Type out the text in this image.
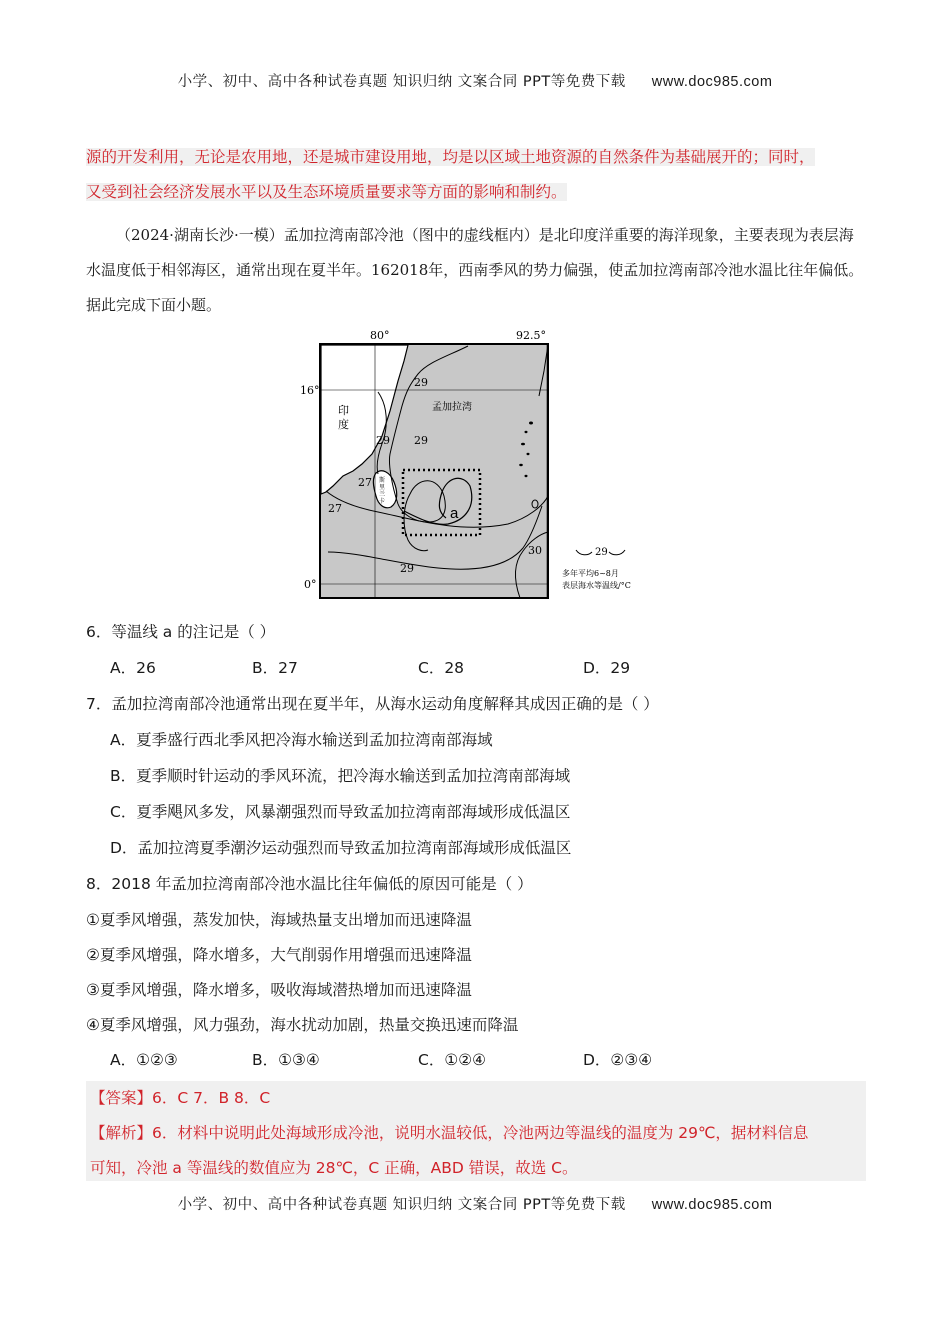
小学、初中、高中各种试卷真题 知识归纳 文案合同 PPT等免费下载 www.doc985.com
源的开发利用，无论是农用地，还是城市建设用地，均是以区域土地资源的自然条件为基础展开的；同时，
又受到社会经济发展水平以及生态环境质量要求等方面的影响和制约。
（2024·湖南长沙·一模）孟加拉湾南部冷池（图中的虚线框内）是北印度洋重要的海洋现象，主要表现为表层海水温度低于相邻海区，通常出现在夏半年。162018年，西南季风的势力偏强，使孟加拉湾南部冷池水温比往年偏低。据此完成下面小题。
80°	92.5°
16°
0°
印
度
孟加拉湾
斯
里
兰
卡
29
29
29
27
27
29
30
a
29
多年平均6~8月
表层海水等温线/°C
6．等温线 a 的注记是（ ）
A．26	B．27	C．28	D．29
7．孟加拉湾南部冷池通常出现在夏半年，从海水运动角度解释其成因正确的是（ ）
A．夏季盛行西北季风把冷海水输送到孟加拉湾南部海域
B．夏季顺时针运动的季风环流，把冷海水输送到孟加拉湾南部海域
C．夏季飓风多发，风暴潮强烈而导致孟加拉湾南部海域形成低温区
D．孟加拉湾夏季潮汐运动强烈而导致孟加拉湾南部海域形成低温区
8．2018 年孟加拉湾南部冷池水温比往年偏低的原因可能是（ ）
①夏季风增强，蒸发加快，海域热量支出增加而迅速降温
②夏季风增强，降水增多，大气削弱作用增强而迅速降温
③夏季风增强，降水增多，吸收海域潜热增加而迅速降温
④夏季风增强，风力强劲，海水扰动加剧，热量交换迅速而降温
A．①②③	B．①③④	C．①②④	D．②③④
【答案】6．C 7．B 8．C
【解析】6．材料中说明此处海域形成冷池，说明水温较低，冷池两边等温线的温度为 29℃，据材料信息
可知，冷池 a 等温线的数值应为 28℃，C 正确，ABD 错误，故选 C。
小学、初中、高中各种试卷真题 知识归纳 文案合同 PPT等免费下载 www.doc985.com
